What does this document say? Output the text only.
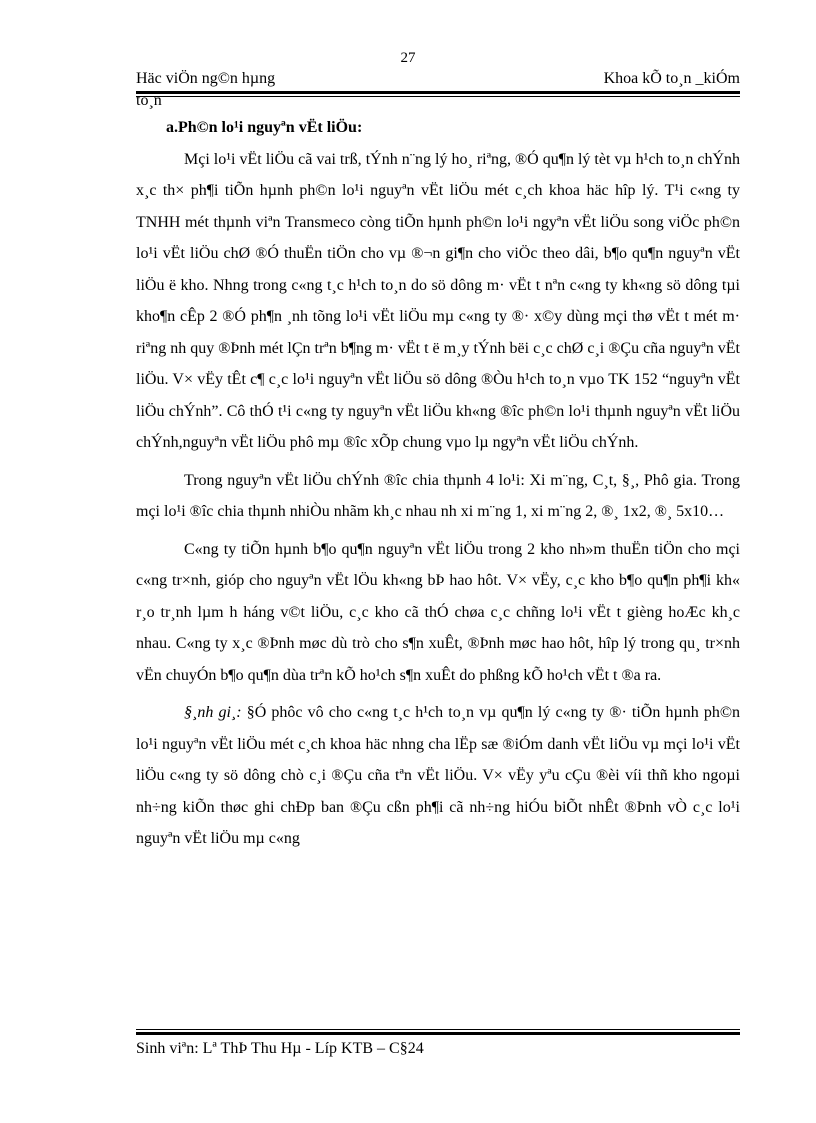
27
Häc viÖn ng©n hµng	Khoa kÕ to¸n _kiÓm
to¸n
a.Ph©n lo¹i nguyªn vËt liÖu:

Mçi lo¹i vËt liÖu cã vai trß, tÝnh n¨ng lý ho¸ riªng, ®Ó qu¶n lý tèt vµ h¹ch to¸n chÝnh x¸c th× ph¶i tiÕn hµnh ph©n lo¹i nguyªn vËt liÖu mét c¸ch khoa häc hîp lý. T¹i c«ng ty TNHH mét thµnh viªn Transmeco còng tiÕn hµnh ph©n lo¹i ngyªn vËt liÖu song viÖc ph©n lo¹i vËt liÖu chØ ®Ó thuËn tiÖn cho vµ ®¬n gi¶n cho viÖc theo dâi, b¶o qu¶n nguyªn vËt liÖu ë kho. Nhng trong c«ng t¸c h¹ch to¸n do sö dông m· vËt t nªn c«ng ty kh«ng sö dông tµi kho¶n cÊp 2 ®Ó ph¶n ¸nh tõng lo¹i vËt liÖu mµ c«ng ty ®· x©y dùng mçi thø vËt t mét m· riªng nh quy ®Þnh mét lÇn trªn b¶ng m· vËt t ë m¸y tÝnh bëi c¸c chØ c¸i ®Çu cña nguyªn vËt liÖu. V× vËy tÊt c¶ c¸c lo¹i nguyªn vËt liÖu sö dông ®Òu h¹ch to¸n vµo TK 152 “nguyªn vËt liÖu chÝnh”. Cô thÓ t¹i c«ng ty nguyªn vËt liÖu kh«ng ®îc ph©n lo¹i thµnh nguyªn vËt liÖu chÝnh,nguyªn vËt liÖu phô mµ ®îc xÕp chung vµo lµ ngyªn vËt liÖu chÝnh.

Trong nguyªn vËt liÖu chÝnh ®îc chia thµnh 4 lo¹i: Xi m¨ng, C¸t, §¸, Phô gia. Trong mçi lo¹i ®îc chia thµnh nhiÒu nhãm kh¸c nhau nh xi m¨ng 1, xi m¨ng 2, ®¸ 1x2, ®¸ 5x10…

C«ng ty tiÕn hµnh b¶o qu¶n nguyªn vËt liÖu trong 2 kho nh»m thuËn tiÖn cho mçi c«ng tr×nh, gióp cho nguyªn vËt lÖu kh«ng bÞ hao hôt. V× vËy, c¸c kho b¶o qu¶n ph¶i kh« r¸o tr¸nh lµm h háng v©t liÖu, c¸c kho cã thÓ chøa c¸c chñng lo¹i vËt t gièng hoÆc kh¸c nhau. C«ng ty x¸c ®Þnh møc dù trò cho s¶n xuÊt, ®Þnh møc hao hôt, hîp lý trong qu¸ tr×nh vËn chuyÓn b¶o qu¶n dùa trªn kÕ ho¹ch s¶n xuÊt do phßng kÕ ho¹ch vËt t ®a ra.

§¸nh gi¸: §Ó phôc vô cho c«ng t¸c h¹ch to¸n vµ qu¶n lý c«ng ty ®· tiÕn hµnh ph©n lo¹i nguyªn vËt liÖu mét c¸ch khoa häc nhng cha lËp sæ ®iÓm danh vËt liÖu vµ mçi lo¹i vËt liÖu c«ng ty sö dông chò c¸i ®Çu cña tªn vËt liÖu. V× vËy yªu cÇu ®èi víi thñ kho ngoµi nh÷ng kiÕn thøc ghi chÐp ban ®Çu cßn ph¶i cã nh÷ng hiÓu biÕt nhÊt ®Þnh vÒ c¸c lo¹i nguyªn vËt liÖu mµ c«ng

Sinh viªn: Lª ThÞ Thu Hµ - Líp KTB – C§24
